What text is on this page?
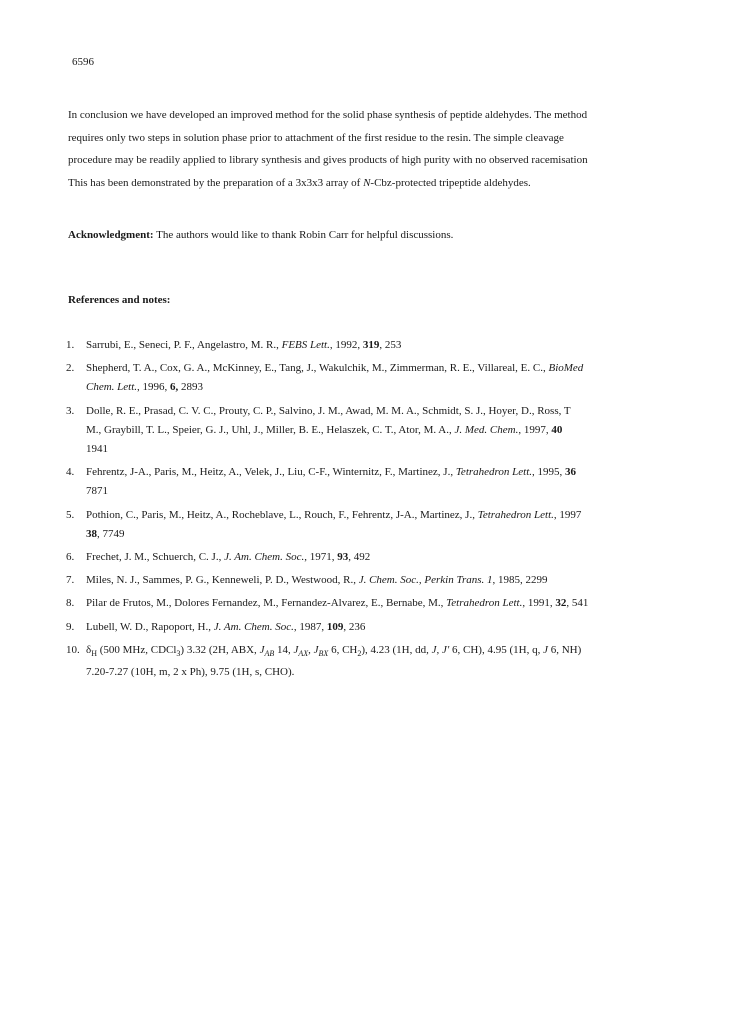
6596

In conclusion we have developed an improved method for the solid phase synthesis of peptide aldehydes. The method
requires only two steps in solution phase prior to attachment of the first residue to the resin. The simple cleavage
procedure may be readily applied to library synthesis and gives products of high purity with no observed racemisation
This has been demonstrated by the preparation of a 3x3x3 array of N-Cbz-protected tripeptide aldehydes.

Acknowledgment: The authors would like to thank Robin Carr for helpful discussions.

References and notes:
1. Sarrubi, E., Seneci, P. F., Angelastro, M. R., FEBS Lett., 1992, 319, 253
2. Shepherd, T. A., Cox, G. A., McKinney, E., Tang, J., Wakulchik, M., Zimmerman, R. E., Villareal, E. C., BioMed
Chem. Lett., 1996, 6, 2893
3. Dolle, R. E., Prasad, C. V. C., Prouty, C. P., Salvino, J. M., Awad, M. M. A., Schmidt, S. J., Hoyer, D., Ross, T
M., Graybill, T. L., Speier, G. J., Uhl, J., Miller, B. E., Helaszek, C. T., Ator, M. A., J. Med. Chem., 1997, 40
1941
4. Fehrentz, J-A., Paris, M., Heitz, A., Velek, J., Liu, C-F., Winternitz, F., Martinez, J., Tetrahedron Lett., 1995, 36
7871
5. Pothion, C., Paris, M., Heitz, A., Rocheblave, L., Rouch, F., Fehrentz, J-A., Martinez, J., Tetrahedron Lett., 1997
38, 7749
6. Frechet, J. M., Schuerch, C. J., J. Am. Chem. Soc., 1971, 93, 492
7. Miles, N. J., Sammes, P. G., Kenneweli, P. D., Westwood, R., J. Chem. Soc., Perkin Trans. 1, 1985, 2299
8. Pilar de Frutos, M., Dolores Fernandez, M., Fernandez-Alvarez, E., Bernabe, M., Tetrahedron Lett., 1991, 32, 541
9. Lubell, W. D., Rapoport, H., J. Am. Chem. Soc., 1987, 109, 236
10. $\delta_H$ (500 MHz, CDCl$_3$) 3.32 (2H, ABX, $J_{AB}$ 14, $J_{AX}$, $J_{BX}$ 6, $CH_2$), 4.23 (1H, dd, J, J' 6, CH), 4.95 (1H, q, J 6, NH)
7.20-7.27 (10H, m, 2 x Ph), 9.75 (1H, s, CHO).
